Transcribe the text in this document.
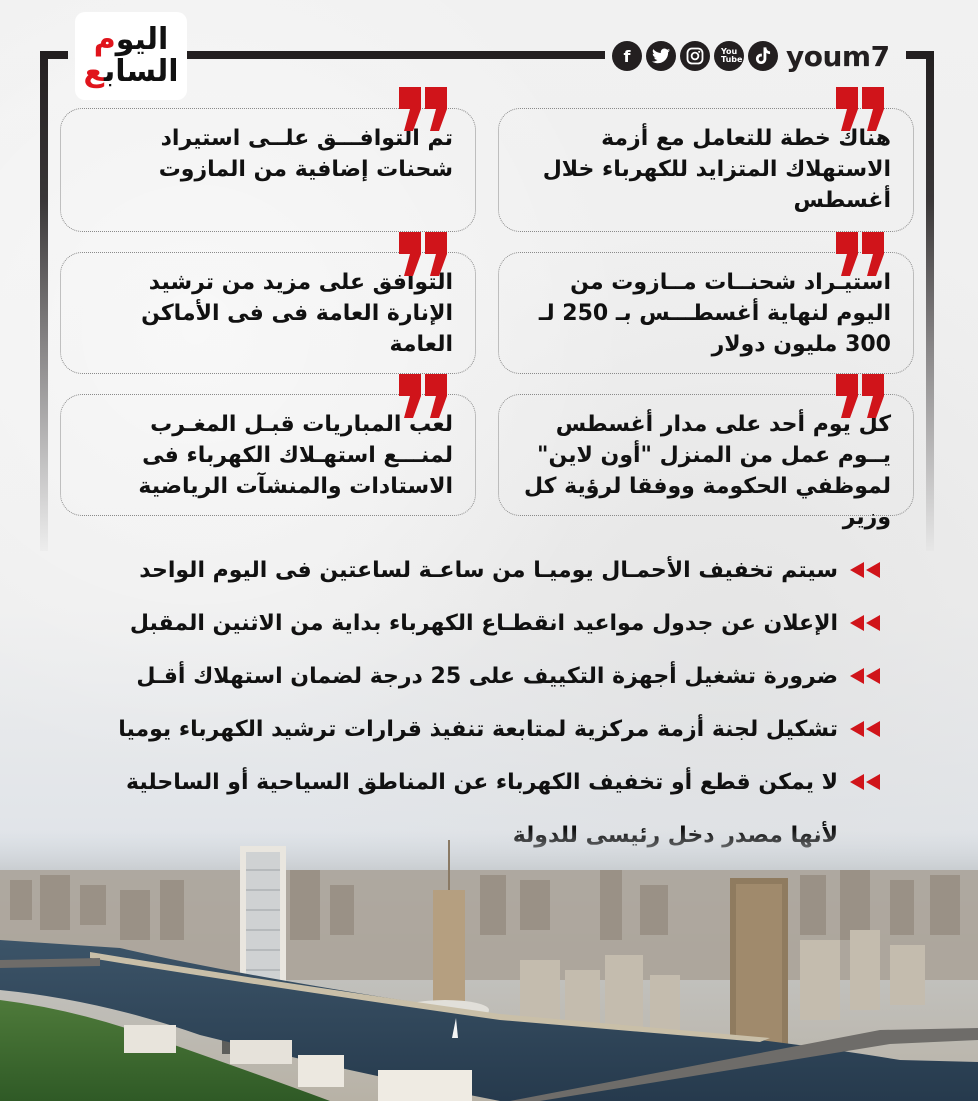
اليوم
السابع	f	You Tube youm7
هناك خطة للتعامل مع أزمة الاستهلاك المتزايد للكهرباء خلال أغسطس
تم التوافـــق علــى استيراد شحنات إضافية من المازوت
استيـراد شحنــات مــازوت من اليوم لنهاية أغسطـــس بـ 250 لـ 300 مليون دولار
التوافق على مزيد من ترشيد الإنارة العامة فى فى الأماكن العامة
كل يوم أحد على مدار أغسطس يــوم عمل من المنزل "أون لاين" لموظفي الحكومة ووفقا لرؤية كل وزير
لعب المباريات قبـل المغـرب لمنـــع استهـلاك الكهرباء فى الاستادات والمنشآت الرياضية
سيتم تخفيف الأحمـال يوميـا من ساعـة لساعتين فى اليوم الواحد
الإعلان عن جدول مواعيد انقطـاع الكهرباء بداية من الاثنين المقبل
ضرورة تشغيل أجهزة التكييف على 25 درجة لضمان استهلاك أقـل
تشكيل لجنة أزمة مركزية لمتابعة تنفيذ قرارات ترشيد الكهرباء يوميا
لا يمكن قطع أو تخفيف الكهرباء عن المناطق السياحية أو الساحلية
